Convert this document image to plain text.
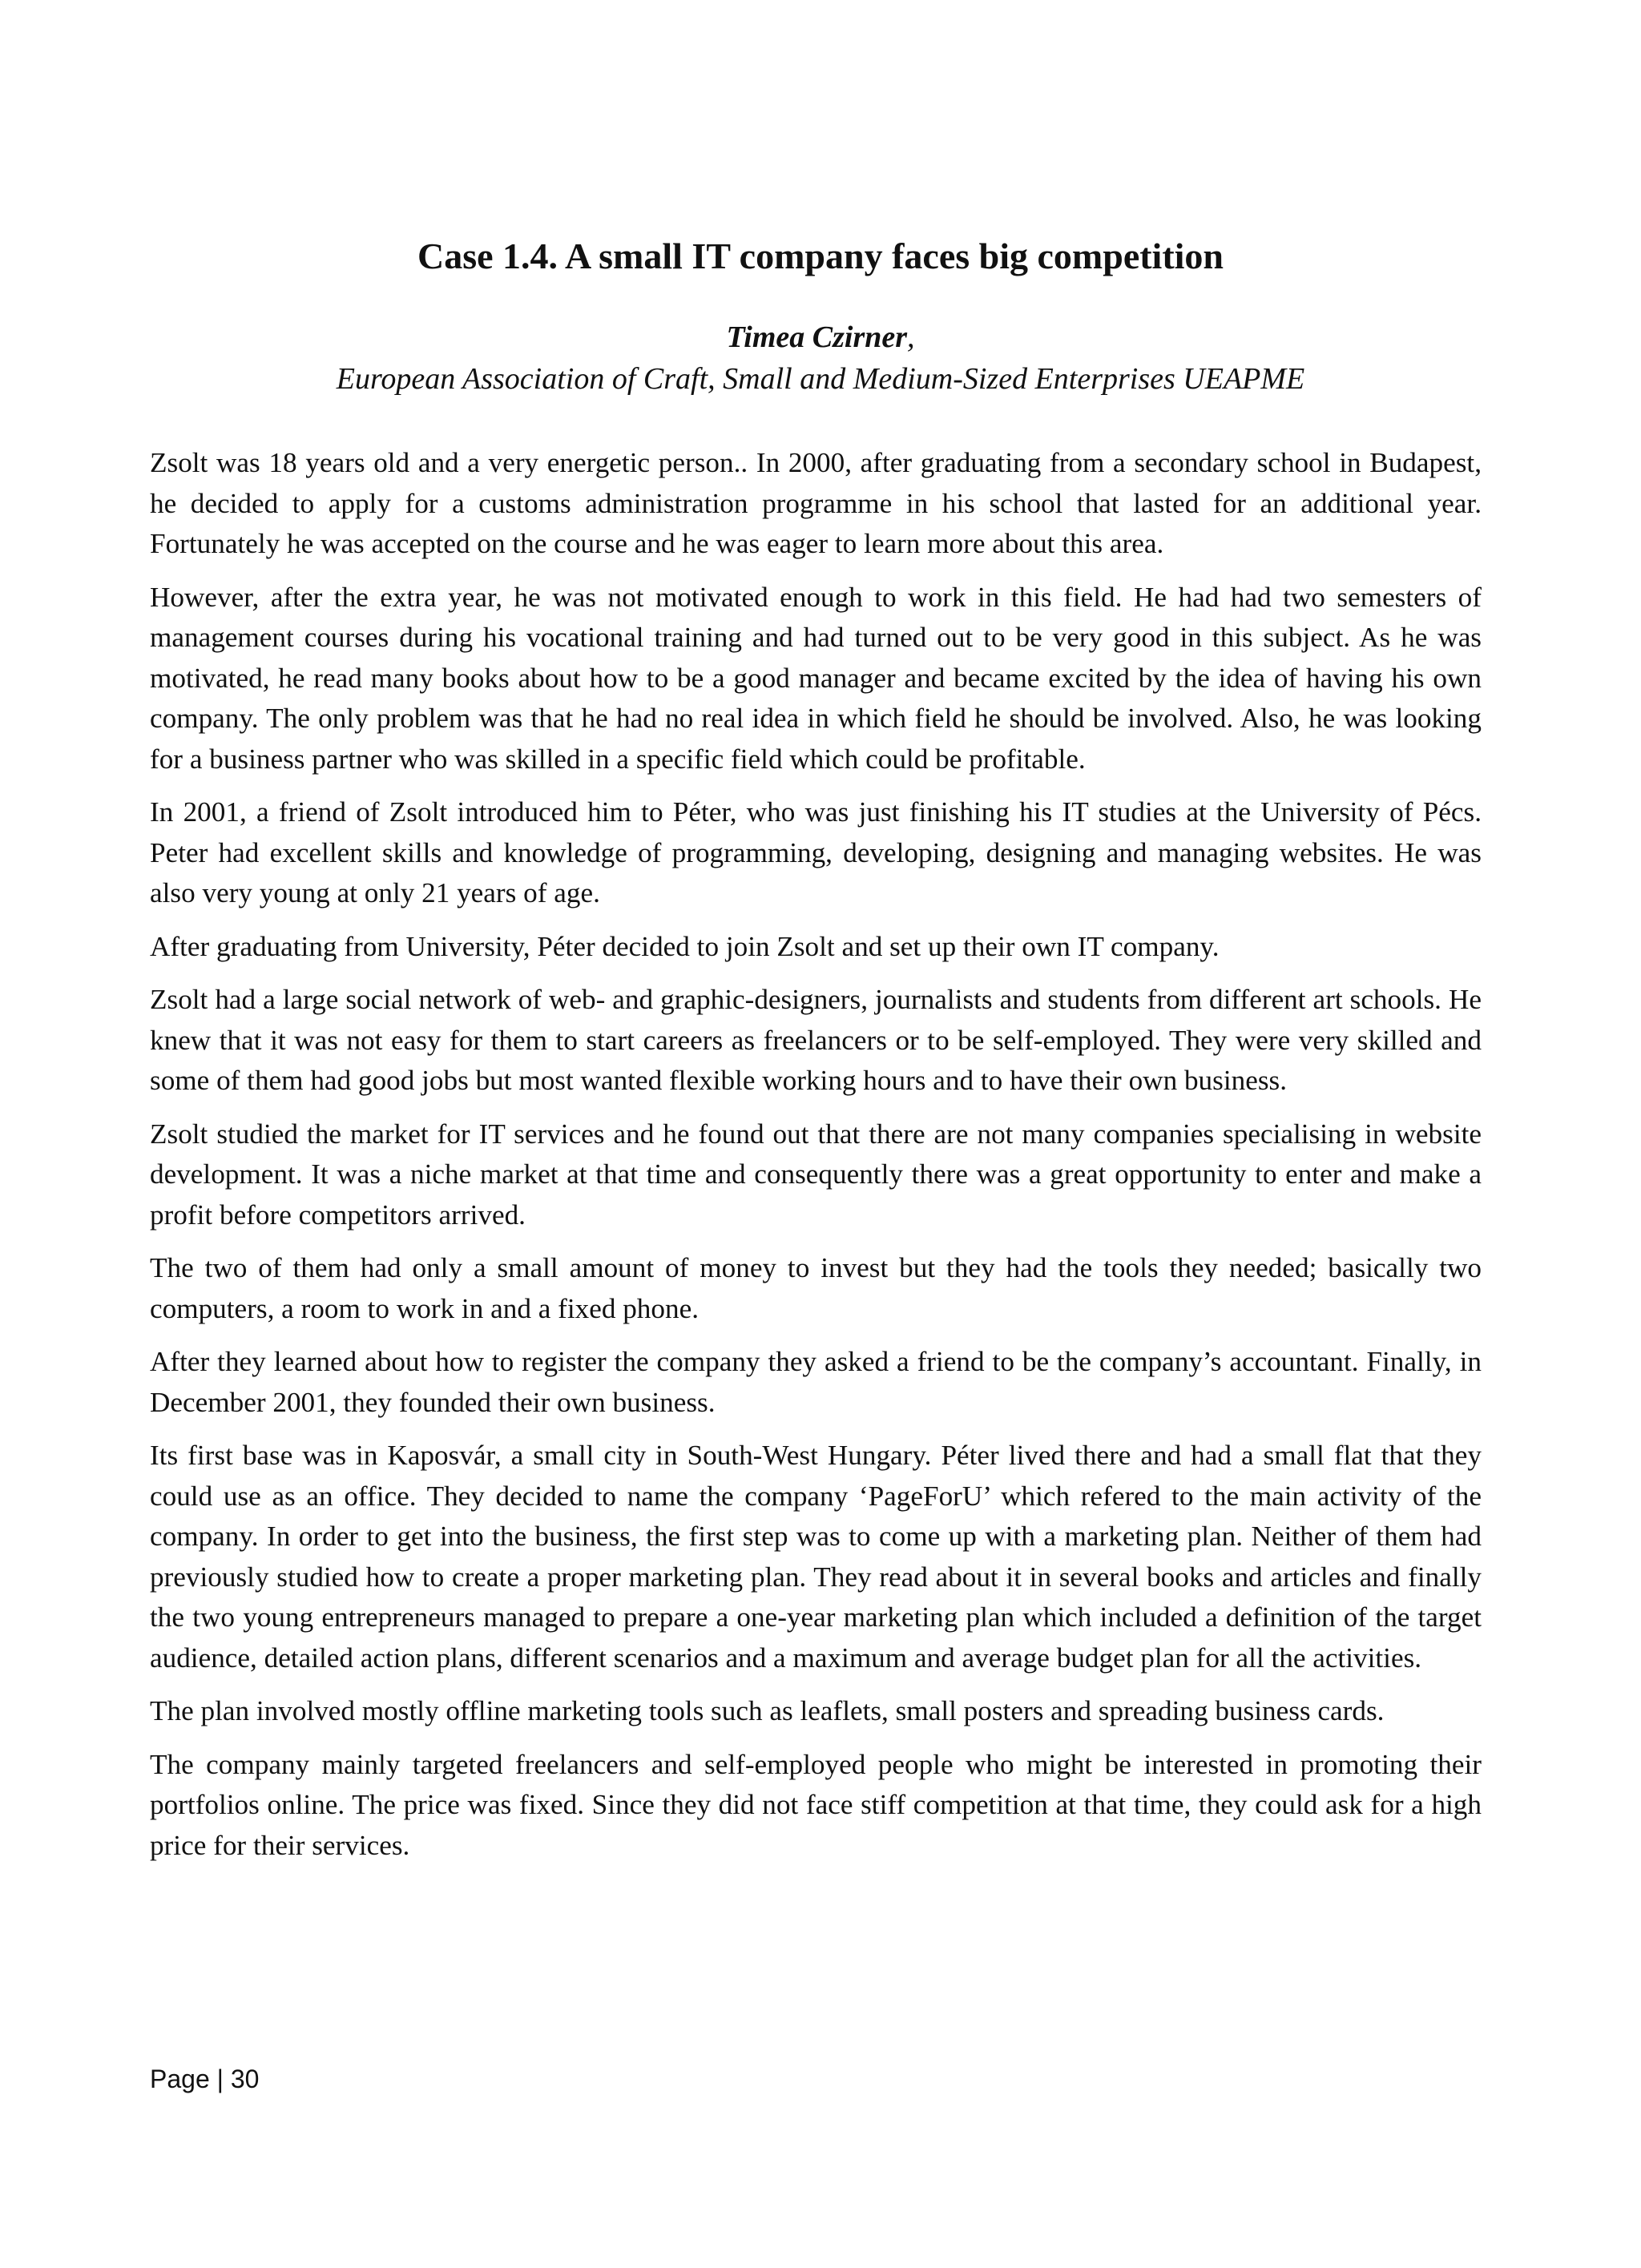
Case 1.4. A small IT company faces big competition
Timea Czirner,
European Association of Craft, Small and Medium-Sized Enterprises UEAPME

Zsolt was 18 years old and a very energetic person.. In 2000, after graduating from a secondary school in Budapest, he decided to apply for a customs administration programme in his school that lasted for an additional year. Fortunately he was accepted on the course and he was eager to learn more about this area.

However, after the extra year, he was not motivated enough to work in this field. He had had two semesters of management courses during his vocational training and had turned out to be very good in this subject. As he was motivated, he read many books about how to be a good manager and became excited by the idea of having his own company. The only problem was that he had no real idea in which field he should be involved. Also, he was looking for a business partner who was skilled in a specific field which could be profitable.

In 2001, a friend of Zsolt introduced him to Péter, who was just finishing his IT studies at the University of Pécs. Peter had excellent skills and knowledge of programming, developing, designing and managing websites. He was also very young at only 21 years of age.

After graduating from University, Péter decided to join Zsolt and set up their own IT company.

Zsolt had a large social network of web- and graphic-designers, journalists and students from different art schools. He knew that it was not easy for them to start careers as freelancers or to be self-employed. They were very skilled and some of them had good jobs but most wanted flexible working hours and to have their own business.

Zsolt studied the market for IT services and he found out that there are not many companies specialising in website development. It was a niche market at that time and consequently there was a great opportunity to enter and make a profit before competitors arrived.

The two of them had only a small amount of money to invest but they had the tools they needed; basically two computers, a room to work in and a fixed phone.

After they learned about how to register the company they asked a friend to be the company’s accountant. Finally, in December 2001, they founded their own business.

Its first base was in Kaposvár, a small city in South-West Hungary. Péter lived there and had a small flat that they could use as an office. They decided to name the company ‘PageForU’ which refered to the main activity of the company. In order to get into the business, the first step was to come up with a marketing plan. Neither of them had previously studied how to create a proper marketing plan. They read about it in several books and articles and finally the two young entrepreneurs managed to prepare a one-year marketing plan which included a definition of the target audience, detailed action plans, different scenarios and a maximum and average budget plan for all the activities.

The plan involved mostly offline marketing tools such as leaflets, small posters and spreading business cards.

The company mainly targeted freelancers and self-employed people who might be interested in promoting their portfolios online. The price was fixed. Since they did not face stiff competition at that time, they could ask for a high price for their services.

Page | 30
